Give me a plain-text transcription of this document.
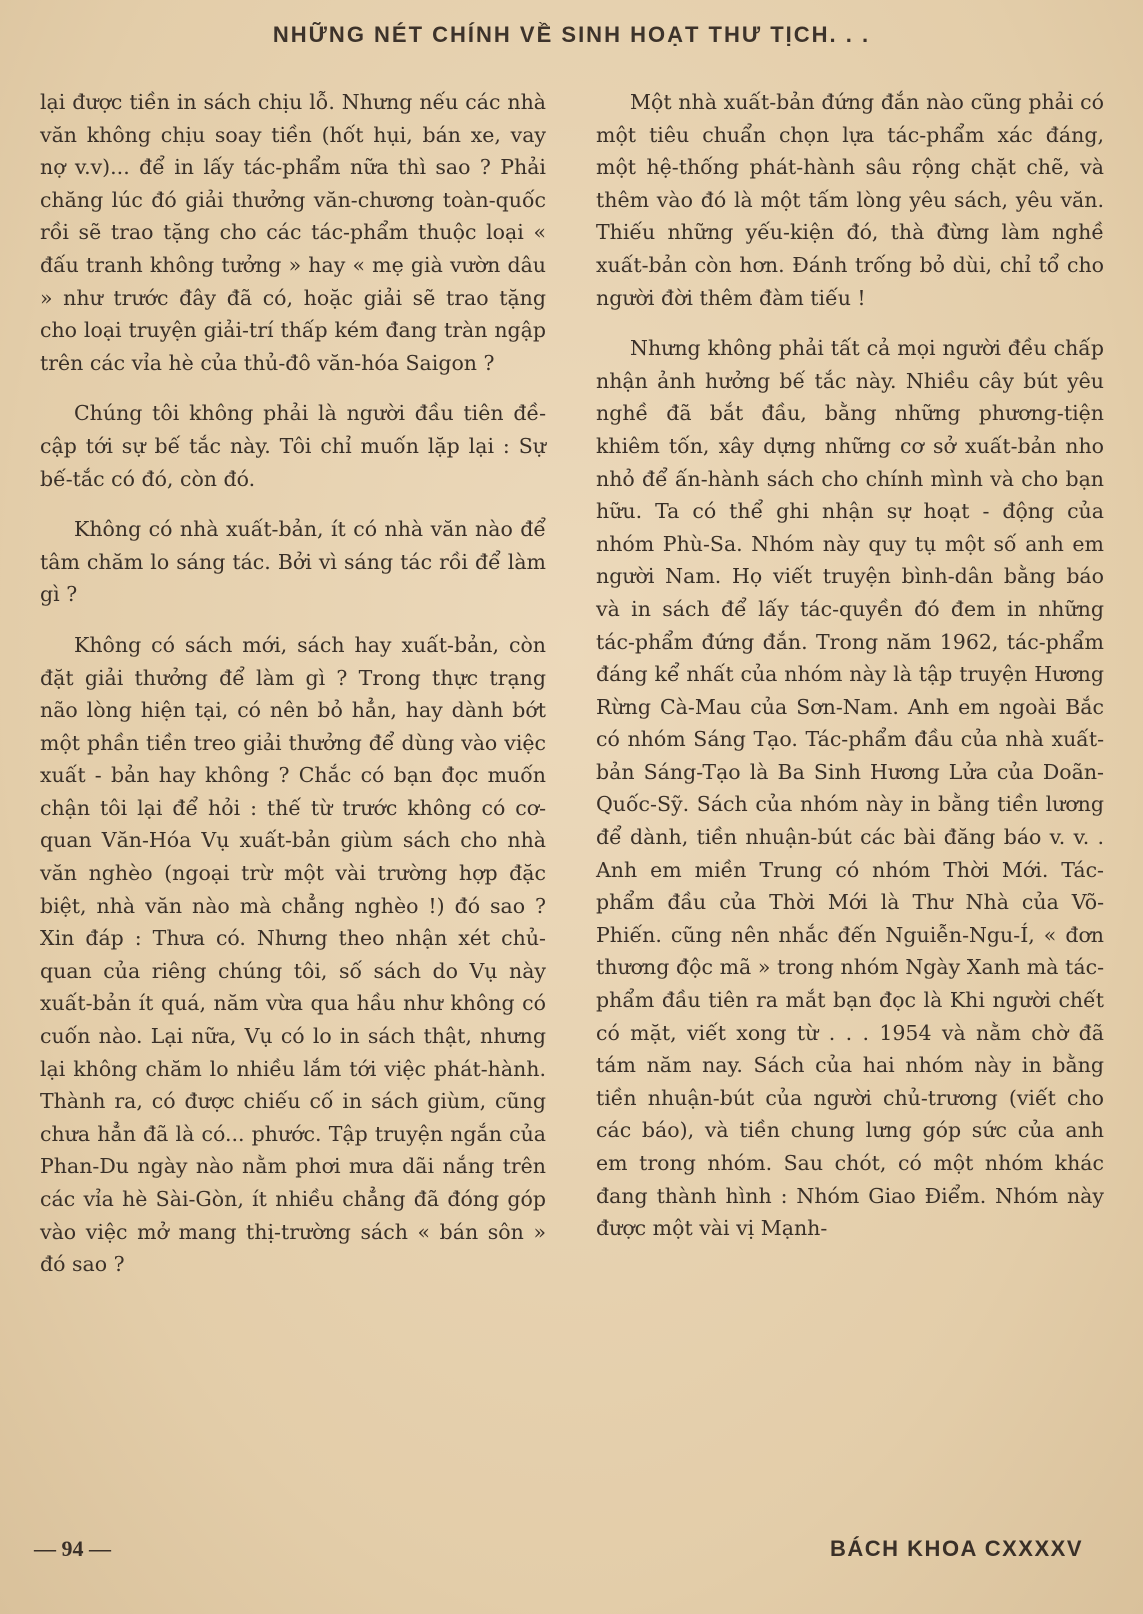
NHỮNG NÉT CHÍNH VỀ SINH HOẠT THƯ TỊCH. . .

lại được tiền in sách chịu lỗ. Nhưng nếu các nhà văn không chịu soay tiền (hốt hụi, bán xe, vay nợ v.v)... để in lấy tác-phẩm nữa thì sao ? Phải chăng lúc đó giải thưởng văn-chương toàn-quốc rồi sẽ trao tặng cho các tác-phẩm thuộc loại « đấu tranh không tưởng » hay « mẹ già vườn dâu » như trước đây đã có, hoặc giải sẽ trao tặng cho loại truyện giải-trí thấp kém đang tràn ngập trên các vỉa hè của thủ-đô văn-hóa Saigon ?

Chúng tôi không phải là người đầu tiên đề-cập tới sự bế tắc này. Tôi chỉ muốn lặp lại : Sự bế-tắc có đó, còn đó.

Không có nhà xuất-bản, ít có nhà văn nào để tâm chăm lo sáng tác. Bởi vì sáng tác rồi để làm gì ?

Không có sách mới, sách hay xuất-bản, còn đặt giải thưởng để làm gì ? Trong thực trạng não lòng hiện tại, có nên bỏ hẳn, hay dành bớt một phần tiền treo giải thưởng để dùng vào việc xuất - bản hay không ? Chắc có bạn đọc muốn chận tôi lại để hỏi : thế từ trước không có cơ-quan Văn-Hóa Vụ xuất-bản giùm sách cho nhà văn nghèo (ngoại trừ một vài trường hợp đặc biệt, nhà văn nào mà chẳng nghèo !) đó sao ? Xin đáp : Thưa có. Nhưng theo nhận xét chủ-quan của riêng chúng tôi, số sách do Vụ này xuất-bản ít quá, năm vừa qua hầu như không có cuốn nào. Lại nữa, Vụ có lo in sách thật, nhưng lại không chăm lo nhiều lắm tới việc phát-hành. Thành ra, có được chiếu cố in sách giùm, cũng chưa hẳn đã là có... phước. Tập truyện ngắn của Phan-Du ngày nào nằm phơi mưa dãi nắng trên các vỉa hè Sài-Gòn, ít nhiều chẳng đã đóng góp vào việc mở mang thị-trường sách « bán sôn » đó sao ?

Một nhà xuất-bản đứng đắn nào cũng phải có một tiêu chuẩn chọn lựa tác-phẩm xác đáng, một hệ-thống phát-hành sâu rộng chặt chẽ, và thêm vào đó là một tấm lòng yêu sách, yêu văn. Thiếu những yếu-kiện đó, thà đừng làm nghề xuất-bản còn hơn. Đánh trống bỏ dùi, chỉ tổ cho người đời thêm đàm tiếu !

Nhưng không phải tất cả mọi người đều chấp nhận ảnh hưởng bế tắc này. Nhiều cây bút yêu nghề đã bắt đầu, bằng những phương-tiện khiêm tốn, xây dựng những cơ sở xuất-bản nho nhỏ để ấn-hành sách cho chính mình và cho bạn hữu. Ta có thể ghi nhận sự hoạt - động của nhóm Phù-Sa. Nhóm này quy tụ một số anh em người Nam. Họ viết truyện bình-dân bằng báo và in sách để lấy tác-quyền đó đem in những tác-phẩm đứng đắn. Trong năm 1962, tác-phẩm đáng kể nhất của nhóm này là tập truyện Hương Rừng Cà-Mau của Sơn-Nam. Anh em ngoài Bắc có nhóm Sáng Tạo. Tác-phẩm đầu của nhà xuất-bản Sáng-Tạo là Ba Sinh Hương Lửa của Doãn-Quốc-Sỹ. Sách của nhóm này in bằng tiền lương để dành, tiền nhuận-bút các bài đăng báo v. v. . Anh em miền Trung có nhóm Thời Mới. Tác-phẩm đầu của Thời Mới là Thư Nhà của Võ-Phiến. cũng nên nhắc đến Nguiễn-Ngu-Í, « đơn thương độc mã » trong nhóm Ngày Xanh mà tác-phẩm đầu tiên ra mắt bạn đọc là Khi người chết có mặt, viết xong từ . . . 1954 và nằm chờ đã tám năm nay. Sách của hai nhóm này in bằng tiền nhuận-bút của người chủ-trương (viết cho các báo), và tiền chung lưng góp sức của anh em trong nhóm. Sau chót, có một nhóm khác đang thành hình : Nhóm Giao Điểm. Nhóm này được một vài vị Mạnh-

— 94 —	BÁCH KHOA CXXXXV
